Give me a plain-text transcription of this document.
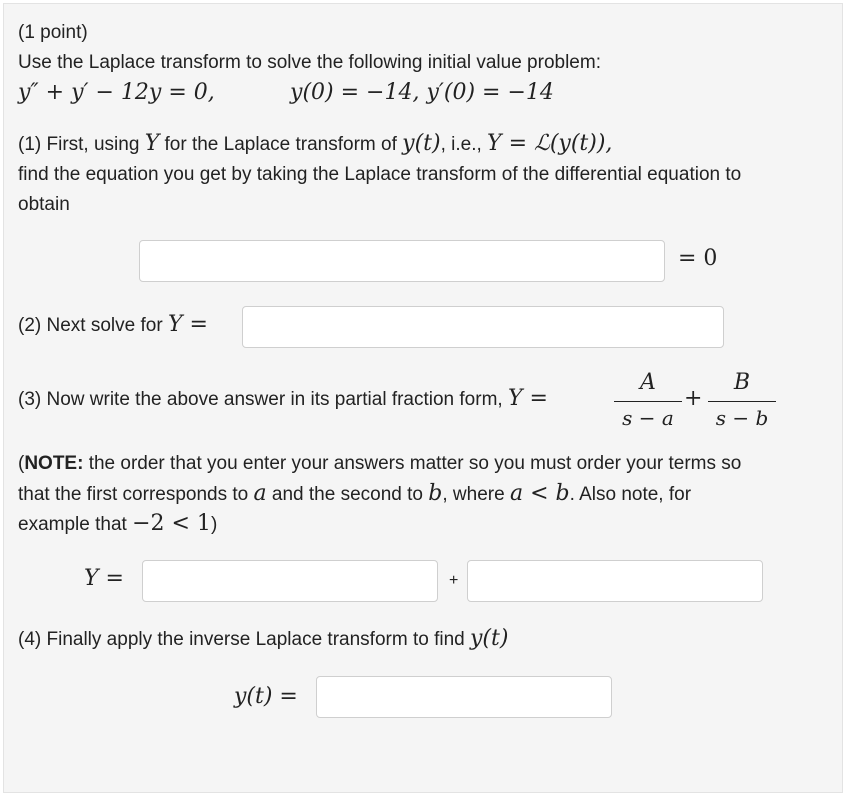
(1 point)
Use the Laplace transform to solve the following initial value problem:
y″ + y′ − 12y = 0,	y(0) = −14, y′(0) = −14
(1) First, using Y for the Laplace transform of y(t), i.e., Y = ℒ(y(t)),
find the equation you get by taking the Laplace transform of the differential equation to
obtain
= 0
(2) Next solve for Y =
(3) Now write the above answer in its partial fraction form, Y =
A
s − a
+
B
s − b
(NOTE: the order that you enter your answers matter so you must order your terms so
that the first corresponds to a and the second to b, where a < b. Also note, for
example that −2 < 1)
Y =	+
(4) Finally apply the inverse Laplace transform to find y(t)
y(t) =
